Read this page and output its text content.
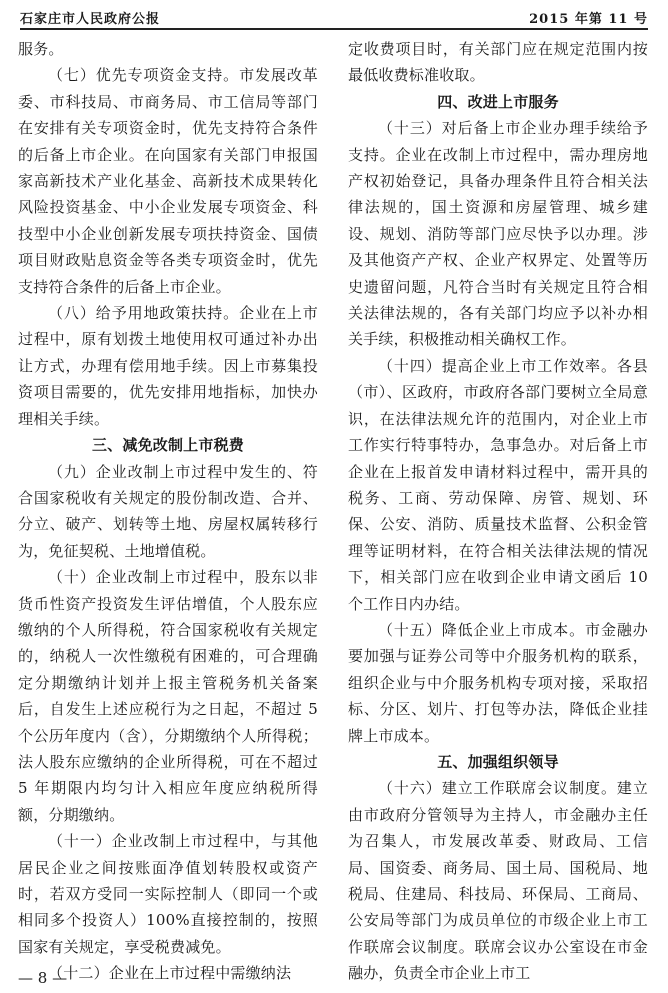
石家庄市人民政府公报	2015 年第 11 号

服务。

（七）优先专项资金支持。市发展改革委、市科技局、市商务局、市工信局等部门在安排有关专项资金时，优先支持符合条件的后备上市企业。在向国家有关部门申报国家高新技术产业化基金、高新技术成果转化风险投资基金、中小企业发展专项资金、科技型中小企业创新发展专项扶持资金、国债项目财政贴息资金等各类专项资金时，优先支持符合条件的后备上市企业。

（八）给予用地政策扶持。企业在上市过程中，原有划拨土地使用权可通过补办出让方式，办理有偿用地手续。因上市募集投资项目需要的，优先安排用地指标，加快办理相关手续。

三、减免改制上市税费

（九）企业改制上市过程中发生的、符合国家税收有关规定的股份制改造、合并、分立、破产、划转等土地、房屋权属转移行为，免征契税、土地增值税。

（十）企业改制上市过程中，股东以非货币性资产投资发生评估增值，个人股东应缴纳的个人所得税，符合国家税收有关规定的，纳税人一次性缴税有困难的，可合理确定分期缴纳计划并上报主管税务机关备案后，自发生上述应税行为之日起，不超过 5 个公历年度内（含），分期缴纳个人所得税；法人股东应缴纳的企业所得税，可在不超过 5 年期限内均匀计入相应年度应纳税所得额，分期缴纳。

（十一）企业改制上市过程中，与其他居民企业之间按账面净值划转股权或资产时，若双方受同一实际控制人（即同一个或相同多个投资人）100%直接控制的，按照国家有关规定，享受税费减免。

（十二）企业在上市过程中需缴纳法

定收费项目时，有关部门应在规定范围内按最低收费标准收取。

四、改进上市服务

（十三）对后备上市企业办理手续给予支持。企业在改制上市过程中，需办理房地产权初始登记，具备办理条件且符合相关法律法规的，国土资源和房屋管理、城乡建设、规划、消防等部门应尽快予以办理。涉及其他资产产权、企业产权界定、处置等历史遗留问题，凡符合当时有关规定且符合相关法律法规的，各有关部门均应予以补办相关手续，积极推动相关确权工作。

（十四）提高企业上市工作效率。各县（市）、区政府，市政府各部门要树立全局意识，在法律法规允许的范围内，对企业上市工作实行特事特办，急事急办。对后备上市企业在上报首发申请材料过程中，需开具的税务、工商、劳动保障、房管、规划、环保、公安、消防、质量技术监督、公积金管理等证明材料，在符合相关法律法规的情况下，相关部门应在收到企业申请文函后 10 个工作日内办结。

（十五）降低企业上市成本。市金融办要加强与证券公司等中介服务机构的联系，组织企业与中介服务机构专项对接，采取招标、分区、划片、打包等办法，降低企业挂牌上市成本。

五、加强组织领导

（十六）建立工作联席会议制度。建立由市政府分管领导为主持人，市金融办主任为召集人，市发展改革委、财政局、工信局、国资委、商务局、国土局、国税局、地税局、住建局、科技局、环保局、工商局、公安局等部门为成员单位的市级企业上市工作联席会议制度。联席会议办公室设在市金融办，负责全市企业上市工

— 8 —
